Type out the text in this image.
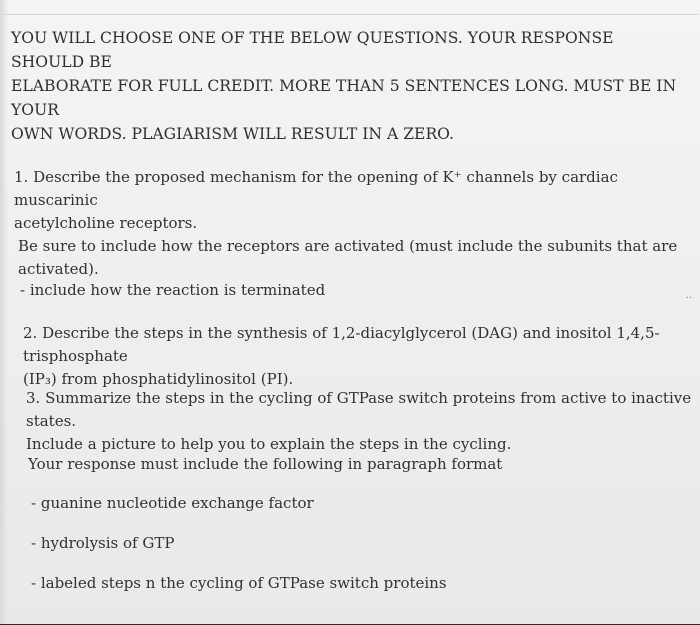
YOU WILL CHOOSE ONE OF THE BELOW QUESTIONS. YOUR RESPONSE SHOULD BE
ELABORATE FOR FULL CREDIT. MORE THAN 5 SENTENCES LONG. MUST BE IN YOUR
OWN WORDS. PLAGIARISM WILL RESULT IN A ZERO.
1. Describe the proposed mechanism for the opening of K⁺ channels by cardiac muscarinic
acetylcholine receptors.
Be sure to include how the receptors are activated (must include the subunits that are activated).
- include how the reaction is terminated	..
2. Describe the steps in the synthesis of 1,2-diacylglycerol (DAG) and inositol 1,4,5-trisphosphate
(IP₃) from phosphatidylinositol (PI).
3. Summarize the steps in the cycling of GTPase switch proteins from active to inactive states.
Include a picture to help you to explain the steps in the cycling.
Your response must include the following in paragraph format
- guanine nucleotide exchange factor
- hydrolysis of GTP
- labeled steps n the cycling of GTPase switch proteins
